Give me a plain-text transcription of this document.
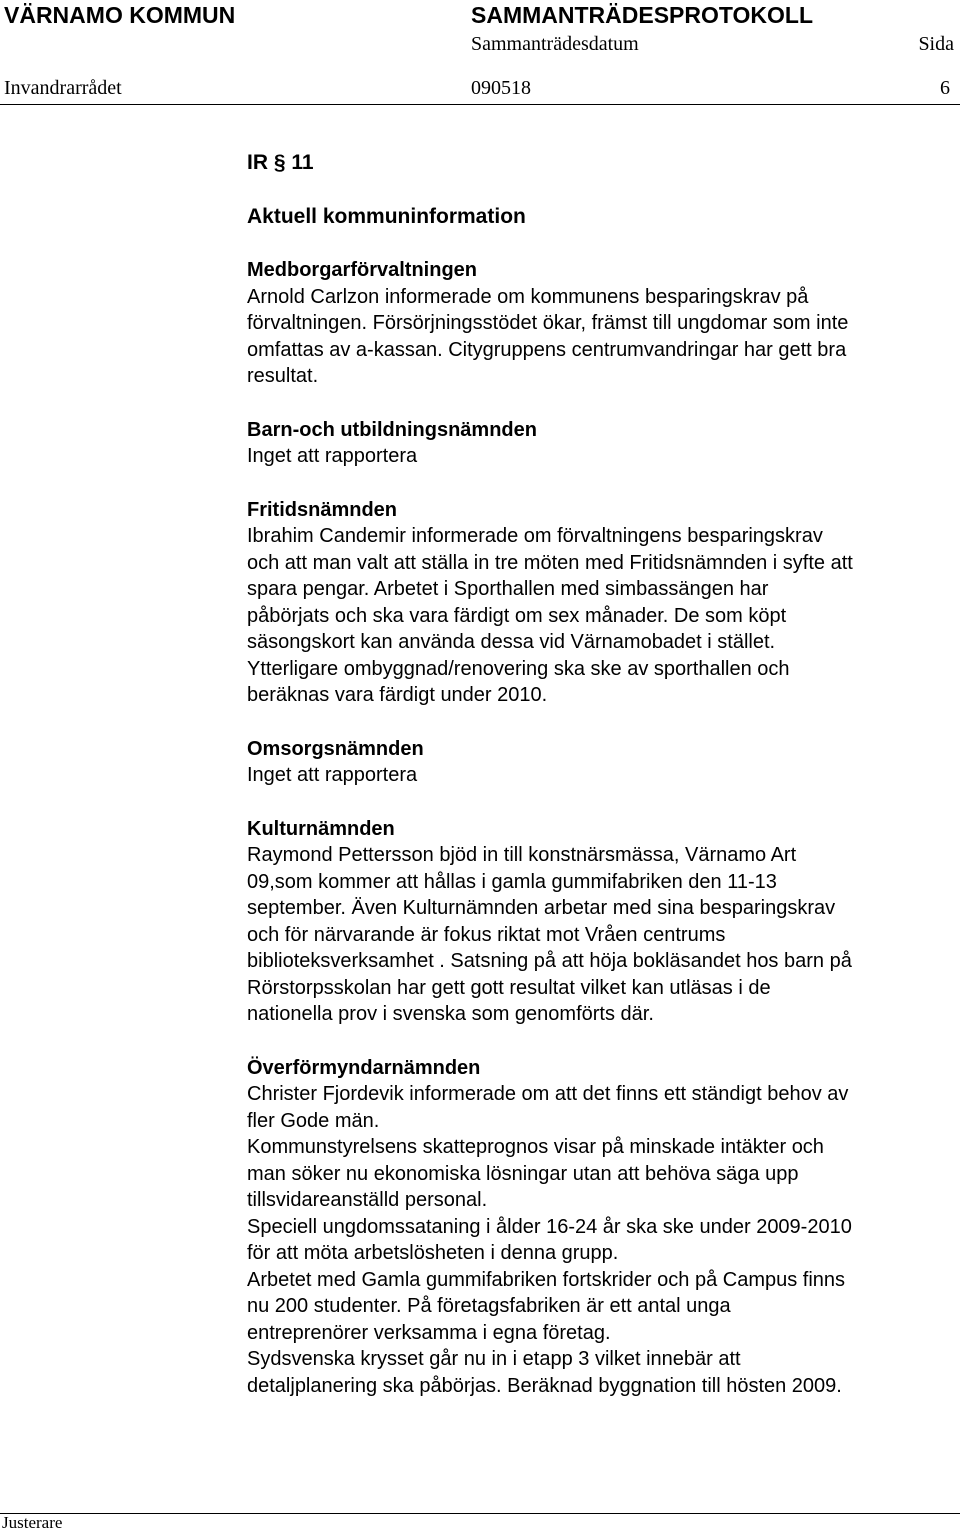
VÄRNAMO KOMMUN	SAMMANTRÄDESPROTOKOLL
Sammanträdesdatum	Sida
Invandrarrådet	090518	6
IR § 11
Aktuell kommuninformation
Medborgarförvaltningen
Arnold Carlzon informerade om kommunens besparingskrav på
förvaltningen. Försörjningsstödet ökar, främst till ungdomar som inte
omfattas av a-kassan. Citygruppens centrumvandringar har gett bra
resultat.
Barn-och utbildningsnämnden
Inget att rapportera
Fritidsnämnden
Ibrahim Candemir informerade om förvaltningens besparingskrav
och att man valt att ställa in tre möten med Fritidsnämnden i syfte att
spara pengar. Arbetet i Sporthallen med simbassängen har
påbörjats och ska vara färdigt om sex månader. De som köpt
säsongskort kan använda dessa vid Värnamobadet i stället.
Ytterligare ombyggnad/renovering ska ske av sporthallen och
beräknas vara färdigt under 2010.
Omsorgsnämnden
Inget att rapportera
Kulturnämnden
Raymond Pettersson bjöd in till konstnärsmässa, Värnamo Art
09,som kommer att hållas i gamla gummifabriken den 11-13
september. Även Kulturnämnden arbetar med sina besparingskrav
och för närvarande är fokus riktat mot Vråen centrums
biblioteksverksamhet . Satsning på att höja bokläsandet hos barn på
Rörstorpsskolan har gett gott resultat vilket kan utläsas i de
nationella prov i svenska som genomförts där.
Överförmyndarnämnden
Christer Fjordevik informerade om att det finns ett ständigt behov av
fler Gode män.
Kommunstyrelsens skatteprognos visar på minskade intäkter och
man söker nu ekonomiska lösningar utan att behöva säga upp
tillsvidareanställd personal.
Speciell ungdomssataning i ålder 16-24 år ska ske under 2009-2010
för att möta arbetslösheten i denna grupp.
Arbetet med Gamla gummifabriken fortskrider och på Campus finns
nu 200 studenter. På företagsfabriken är ett antal unga
entreprenörer verksamma i egna företag.
Sydsvenska krysset går nu in i etapp 3 vilket innebär att
detaljplanering ska påbörjas. Beräknad byggnation till hösten 2009.
Justerare
